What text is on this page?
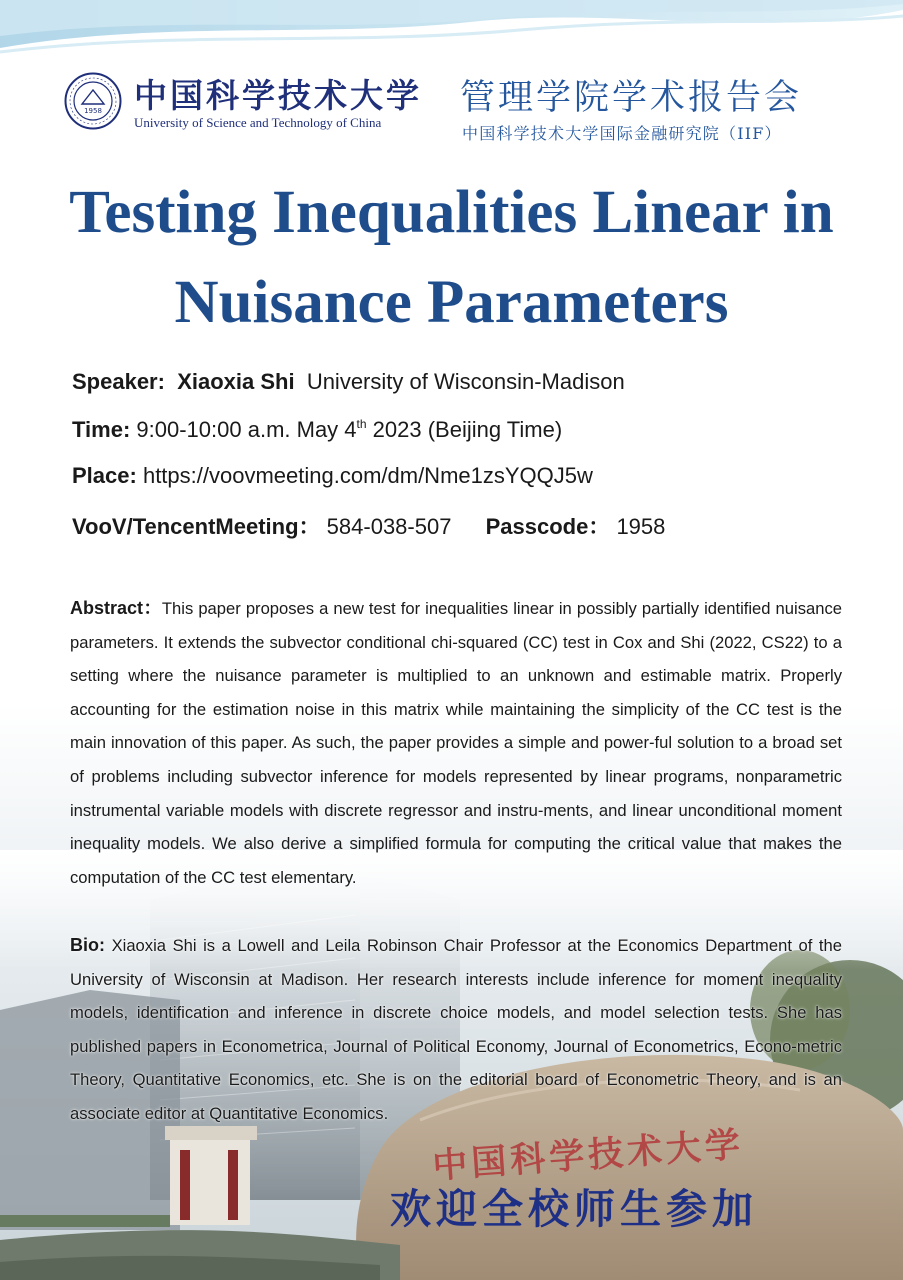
1958 中国科学技术大学
University of Science and Technology of China
管理学院学术报告会
中国科学技术大学国际金融研究院（IIF）
Testing Inequalities Linear in
Nuisance Parameters
Speaker: Xiaoxia Shi University of Wisconsin-Madison
Time: 9:00-10:00 a.m. May 4th 2023 (Beijing Time)
Place: https://voovmeeting.com/dm/Nme1zsYQQJ5w
VooV/TencentMeeting： 584-038-507 Passcode： 1958
Abstract：This paper proposes a new test for inequalities linear in possibly partially identified nuisance parameters. It extends the subvector conditional chi-squared (CC) test in Cox and Shi (2022, CS22) to a setting where the nuisance parameter is multiplied to an unknown and estimable matrix. Properly accounting for the estimation noise in this matrix while maintaining the simplicity of the CC test is the main innovation of this paper. As such, the paper provides a simple and power-ful solution to a broad set of problems including subvector inference for models represented by linear programs, nonparametric instrumental variable models with discrete regressor and instru-ments, and linear unconditional moment inequality models. We also derive a simplified formula for computing the critical value that makes the computation of the CC test elementary.
Bio: Xiaoxia Shi is a Lowell and Leila Robinson Chair Professor at the Economics Department of the University of Wisconsin at Madison. Her research interests include inference for moment inequality models, identification and inference in discrete choice models, and model selection tests. She has published papers in Econometrica, Journal of Political Economy, Journal of Econometrics, Econo-metric Theory, Quantitative Economics, etc. She is on the editorial board of Econometric Theory, and is an associate editor at Quantitative Economics.
中国科学技术大学
欢迎全校师生参加
